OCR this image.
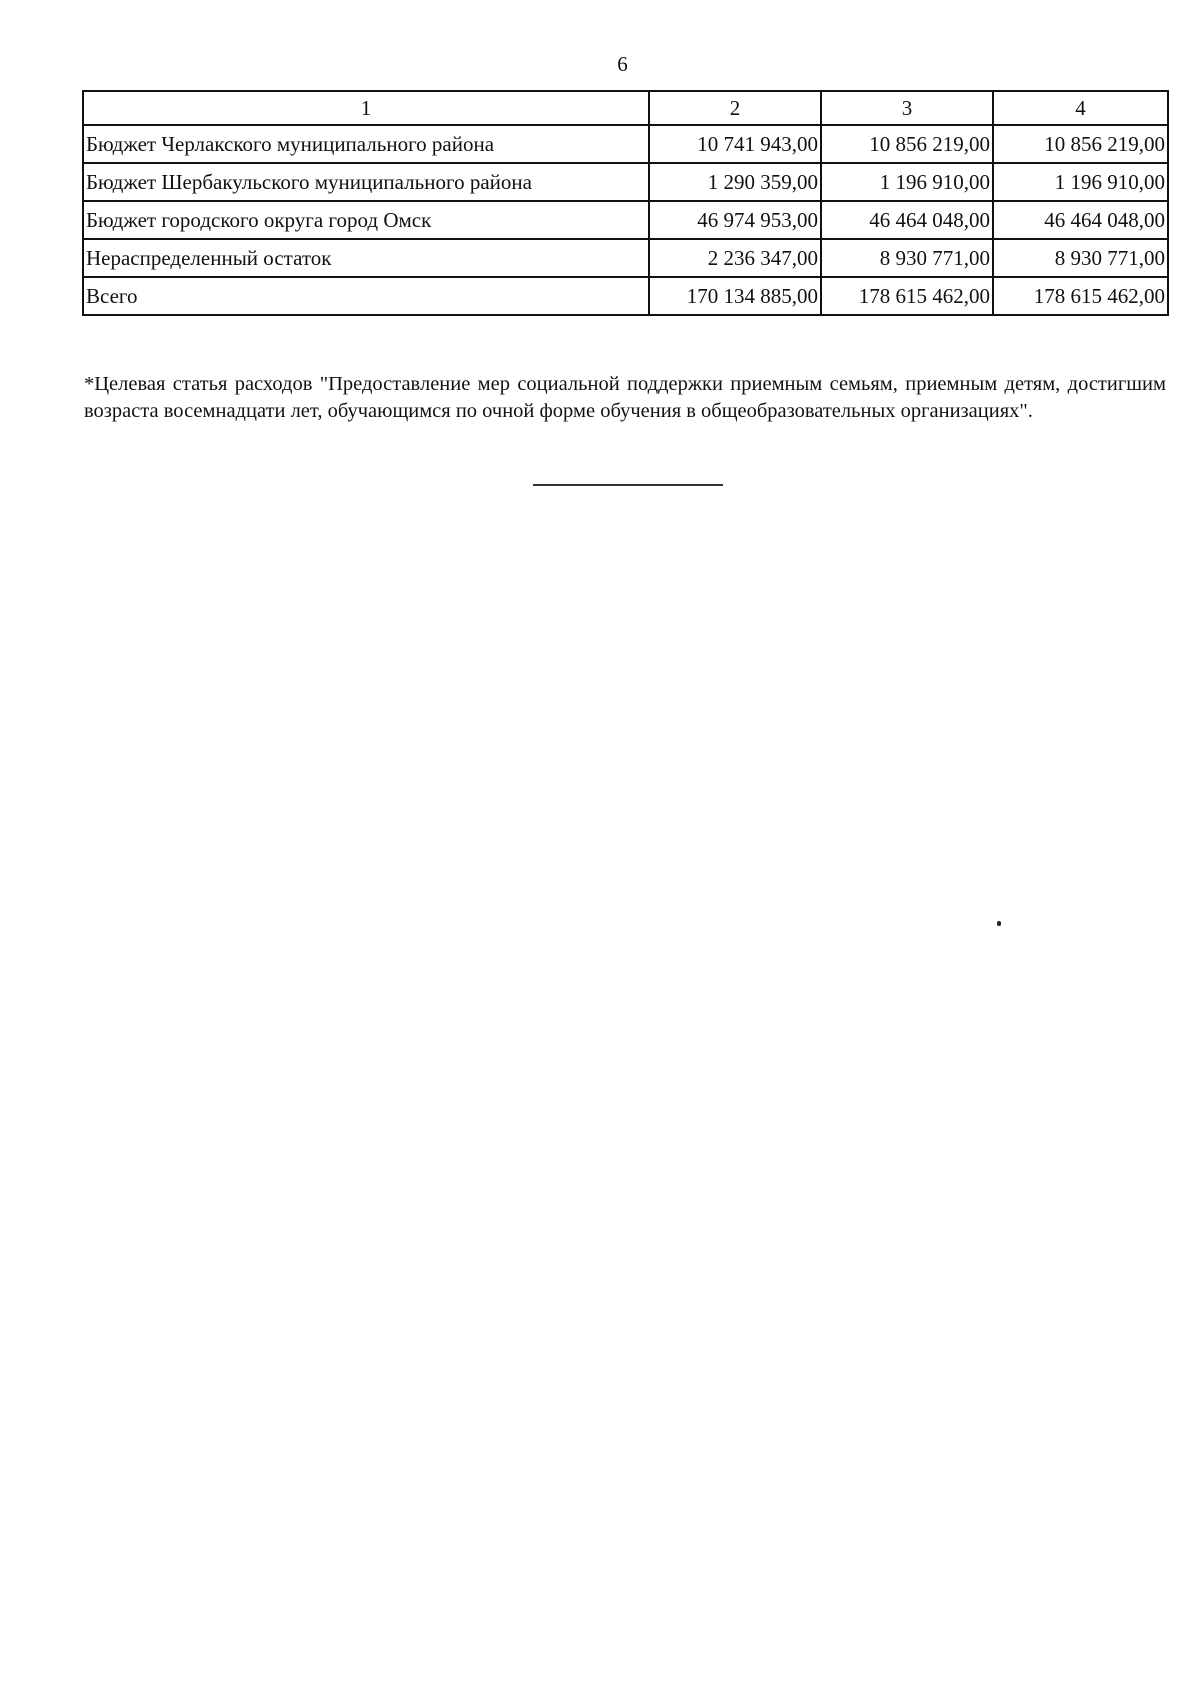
6
1	2	3	4
Бюджет Черлакского муниципального района	10 741 943,00	10 856 219,00	10 856 219,00
Бюджет Шербакульского муниципального района	1 290 359,00	1 196 910,00	1 196 910,00
Бюджет городского округа город Омск	46 974 953,00	46 464 048,00	46 464 048,00
Нераспределенный остаток	2 236 347,00	8 930 771,00	8 930 771,00
Всего	170 134 885,00	178 615 462,00	178 615 462,00

*Целевая статья расходов "Предоставление мер социальной поддержки приемным семьям, приемным детям, достигшим возраста восемнадцати лет, обучающимся по очной форме обучения в общеобразовательных организациях".
